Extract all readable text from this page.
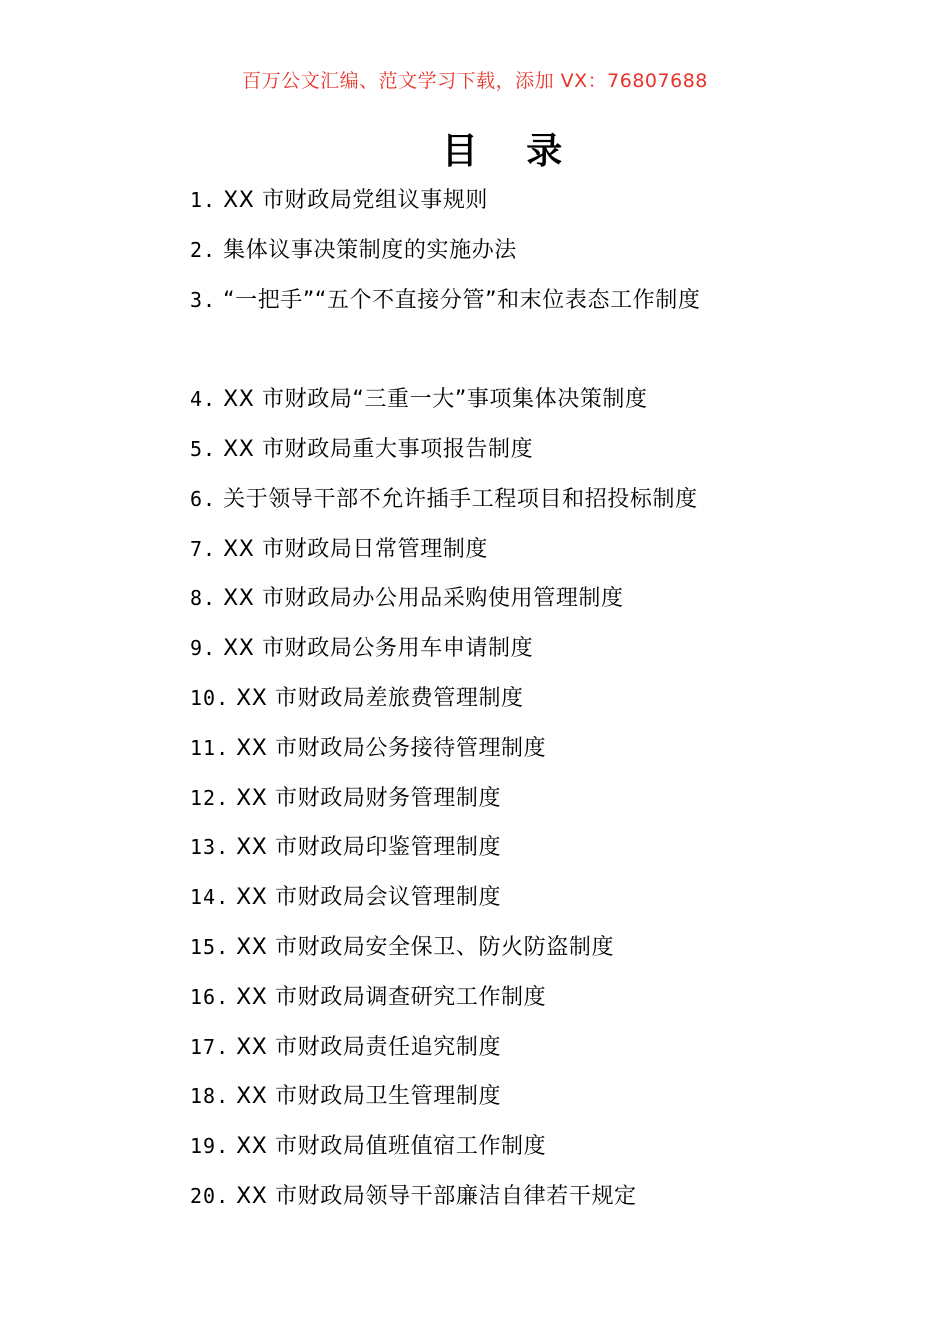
百万公文汇编、范文学习下载，添加 VX：76807688
目 录
1. XX 市财政局党组议事规则
2. 集体议事决策制度的实施办法
3. “一把手”“五个不直接分管”和末位表态工作制度
4. XX 市财政局“三重一大”事项集体决策制度
5. XX 市财政局重大事项报告制度
6. 关于领导干部不允许插手工程项目和招投标制度
7. XX 市财政局日常管理制度
8. XX 市财政局办公用品采购使用管理制度
9. XX 市财政局公务用车申请制度
10. XX 市财政局差旅费管理制度
11. XX 市财政局公务接待管理制度
12. XX 市财政局财务管理制度
13. XX 市财政局印鉴管理制度
14. XX 市财政局会议管理制度
15. XX 市财政局安全保卫、防火防盗制度
16. XX 市财政局调查研究工作制度
17. XX 市财政局责任追究制度
18. XX 市财政局卫生管理制度
19. XX 市财政局值班值宿工作制度
20. XX 市财政局领导干部廉洁自律若干规定
